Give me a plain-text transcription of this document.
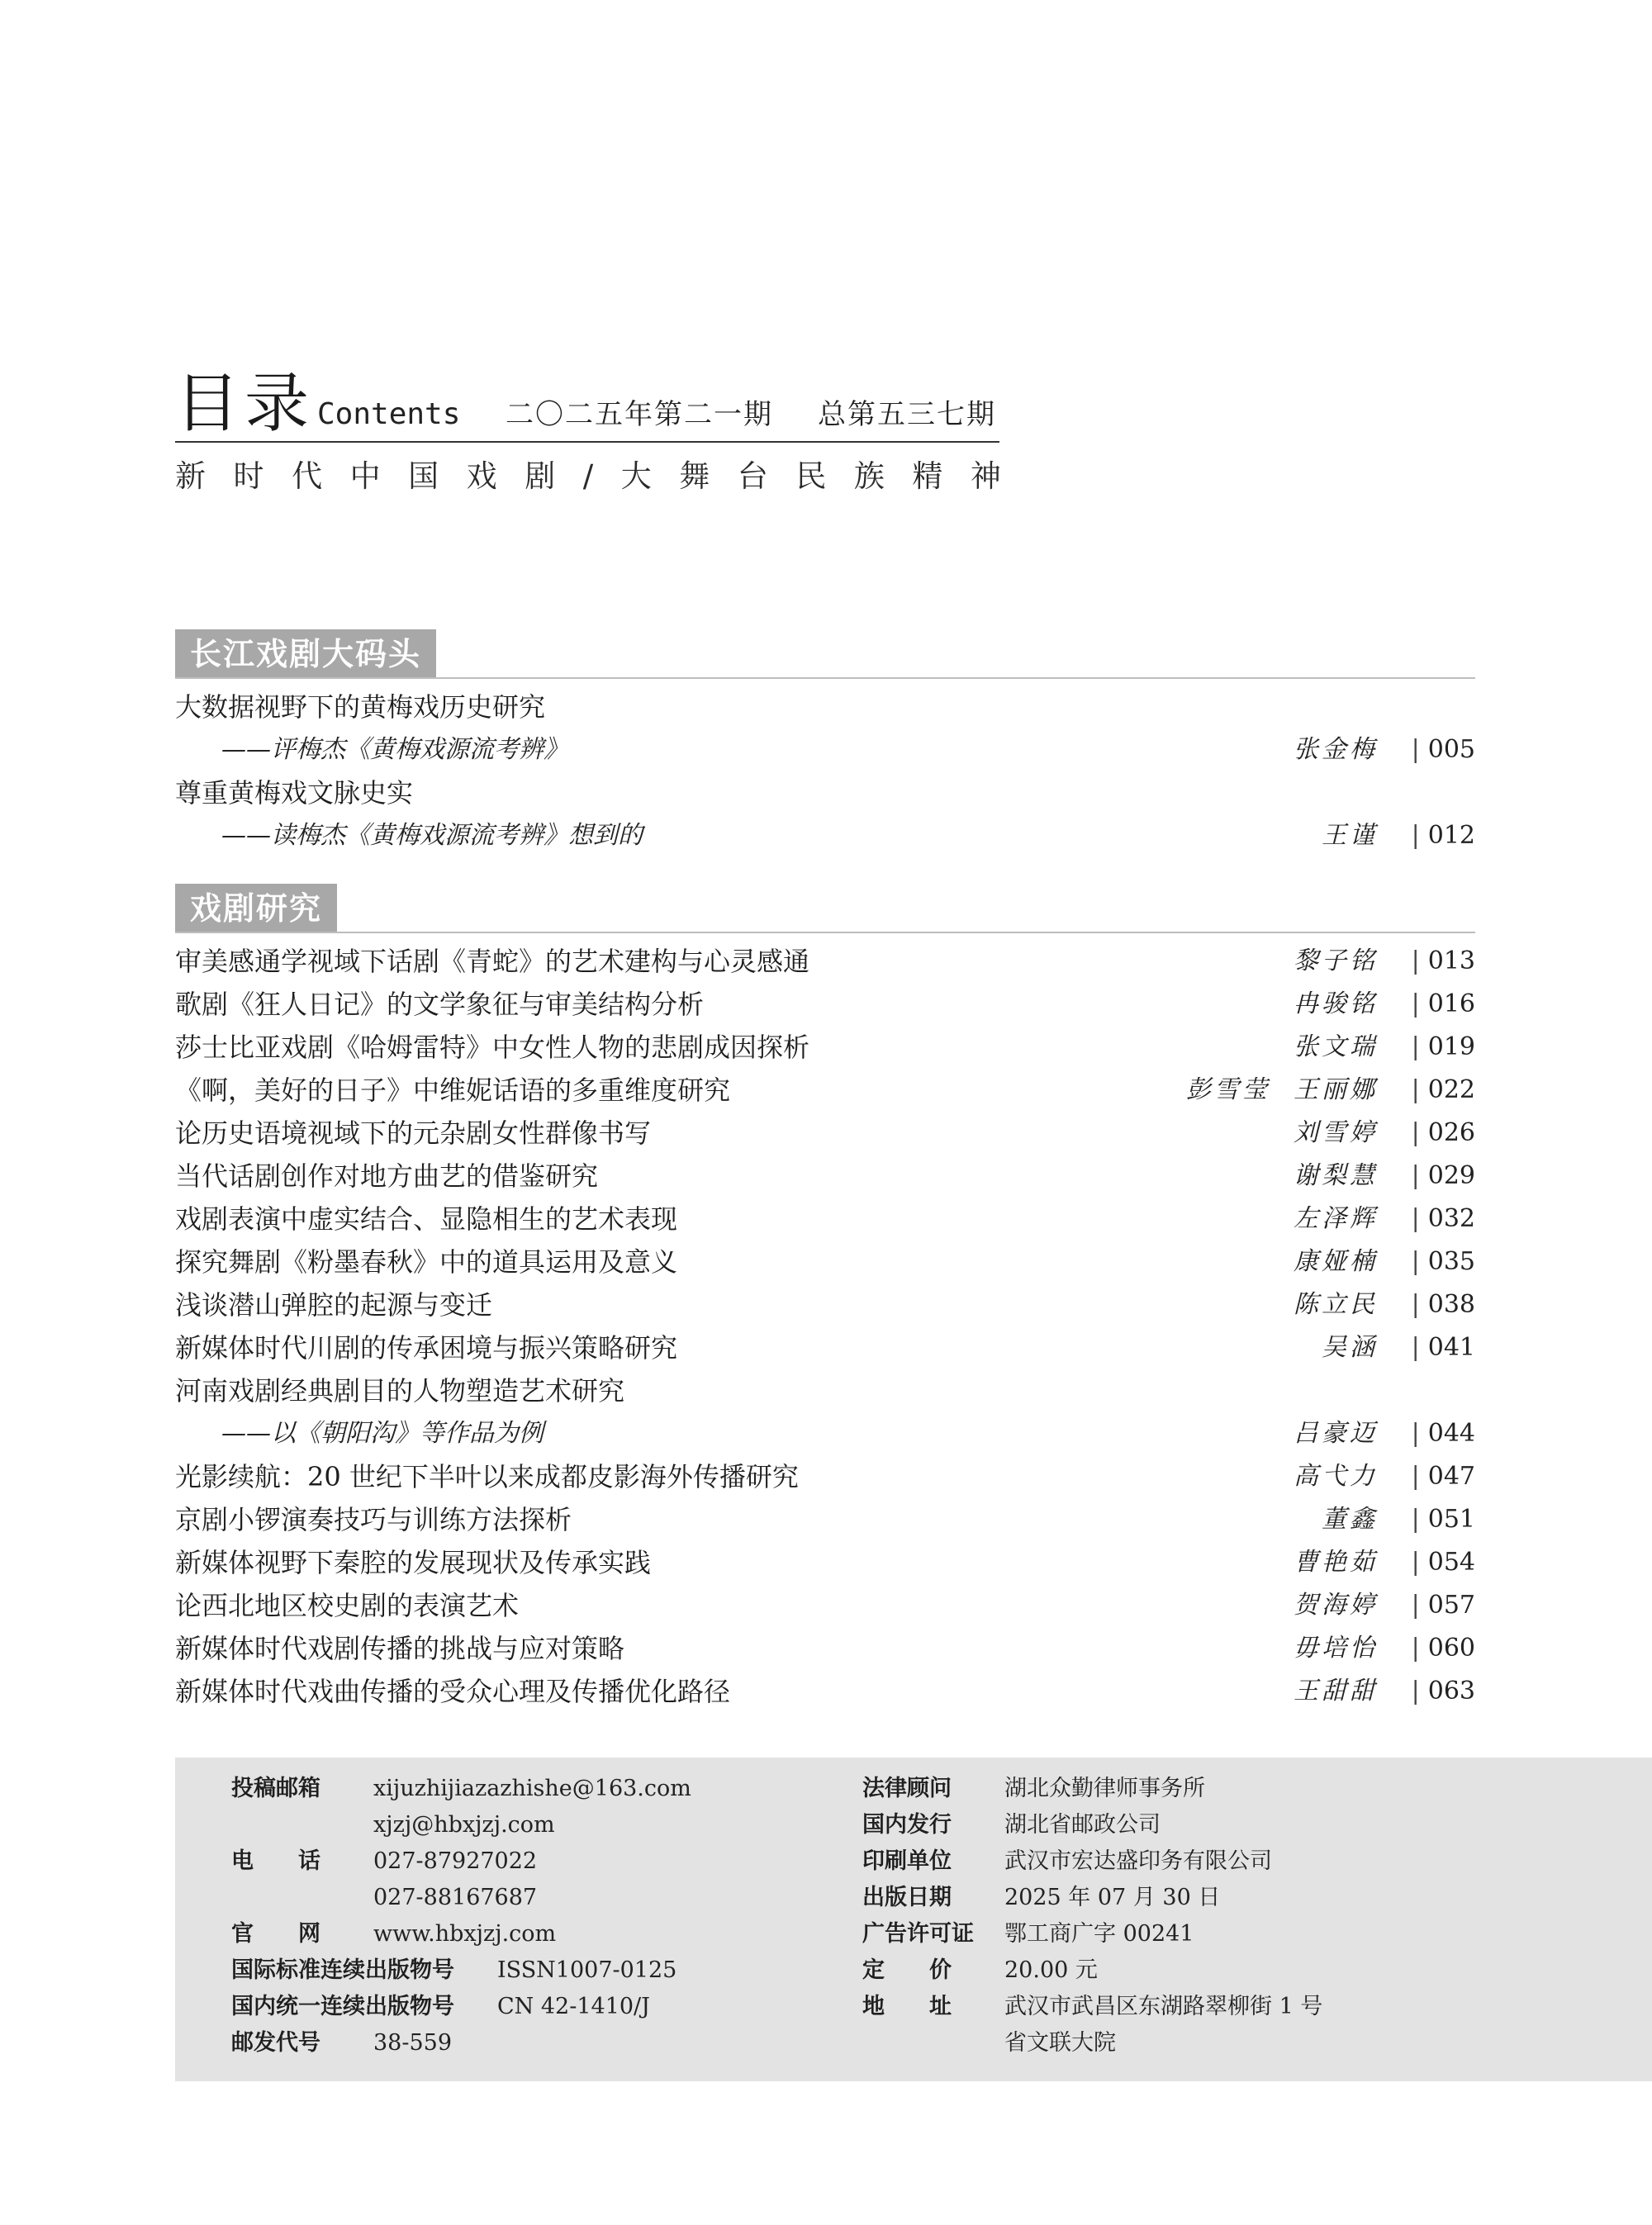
目录 Contents 二〇二五年第二一期 总第五三七期
新 时 代 中 国 戏 剧 / 大 舞 台 民 族 精 神
长江戏剧大码头
大数据视野下的黄梅戏历史研究
——评梅杰《黄梅戏源流考辨》	张金梅 | 005
尊重黄梅戏文脉史实
——读梅杰《黄梅戏源流考辨》想到的	王谨 | 012
戏剧研究
审美感通学视域下话剧《青蛇》的艺术建构与心灵感通	黎子铭 | 013
歌剧《狂人日记》的文学象征与审美结构分析	冉骏铭 | 016
莎士比亚戏剧《哈姆雷特》中女性人物的悲剧成因探析	张文瑞 | 019
《啊，美好的日子》中维妮话语的多重维度研究	彭雪莹 王丽娜 | 022
论历史语境视域下的元杂剧女性群像书写	刘雪婷 | 026
当代话剧创作对地方曲艺的借鉴研究	谢梨慧 | 029
戏剧表演中虚实结合、显隐相生的艺术表现	左泽辉 | 032
探究舞剧《粉墨春秋》中的道具运用及意义	康娅楠 | 035
浅谈潜山弹腔的起源与变迁	陈立民 | 038
新媒体时代川剧的传承困境与振兴策略研究	吴涵 | 041
河南戏剧经典剧目的人物塑造艺术研究
——以《朝阳沟》等作品为例	吕豪迈 | 044
光影续航：20 世纪下半叶以来成都皮影海外传播研究	高弋力 | 047
京剧小锣演奏技巧与训练方法探析	董鑫 | 051
新媒体视野下秦腔的发展现状及传承实践	曹艳茹 | 054
论西北地区校史剧的表演艺术	贺海婷 | 057
新媒体时代戏剧传播的挑战与应对策略	毋培怡 | 060
新媒体时代戏曲传播的受众心理及传播优化路径	王甜甜 | 063
投稿邮箱 xijuzhijiazazhishe@163.com
xjzj@hbxjzj.com
电　　话 027-87927022
027-88167687
官　　网 www.hbxjzj.com
国际标准连续出版物号 ISSN1007-0125
国内统一连续出版物号 CN 42-1410/J
邮发代号 38-559
法律顾问 湖北众勤律师事务所
国内发行 湖北省邮政公司
印刷单位 武汉市宏达盛印务有限公司
出版日期 2025 年 07 月 30 日
广告许可证 鄂工商广字 00241
定　　价 20.00 元
地　　址 武汉市武昌区东湖路翠柳街 1 号
省文联大院
